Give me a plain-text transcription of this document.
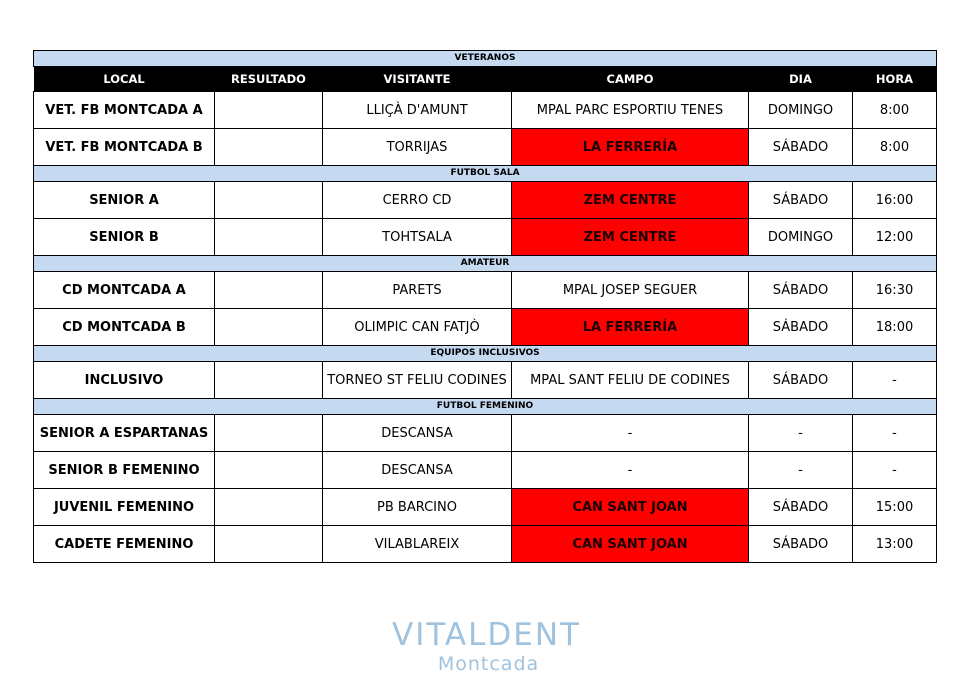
VETERANOS					
LOCAL	RESULTADO	VISITANTE	CAMPO	DIA	HORA
VET. FB MONTCADA A		LLIÇÀ D'AMUNT	MPAL PARC ESPORTIU TENES	DOMINGO	8:00
VET. FB MONTCADA B		TORRIJAS	LA FERRERÍA	SÁBADO	8:00
FUTBOL SALA					
SENIOR A		CERRO CD	ZEM CENTRE	SÁBADO	16:00
SENIOR B		TOHTSALA	ZEM CENTRE	DOMINGO	12:00
AMATEUR					
CD MONTCADA A		PARETS	MPAL JOSEP SEGUER	SÁBADO	16:30
CD MONTCADA B		OLIMPIC CAN FATJÒ	LA FERRERÍA	SÁBADO	18:00
EQUIPOS INCLUSIVOS					
INCLUSIVO		TORNEO ST FELIU CODINES	MPAL SANT FELIU DE CODINES	SÁBADO	-
FUTBOL FEMENINO					
SENIOR A ESPARTANAS		DESCANSA	-	-	-
SENIOR B FEMENINO		DESCANSA	-	-	-
JUVENIL FEMENINO		PB BARCINO	CAN SANT JOAN	SÁBADO	15:00
CADETE FEMENINO		VILABLAREIX	CAN SANT JOAN	SÁBADO	13:00
VITALDENT
Montcada
